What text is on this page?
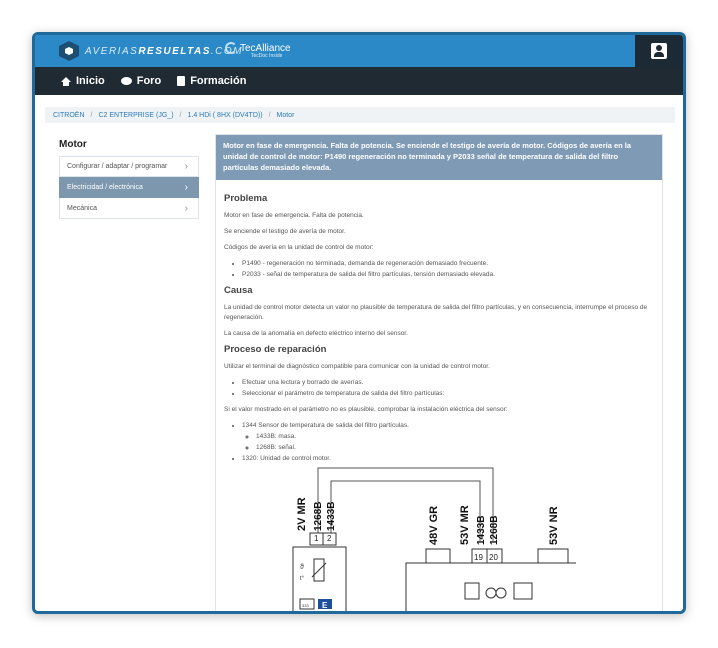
AVERIASRESUELTAS.COM
TecAlliance
TecDoc Inside
Inicio	Foro	Formación
CITROËN / C2 ENTERPRISE (JG_) / 1.4 HDi ( 8HX (DV4TD)) / Motor
Motor
Configurar / adaptar / programar ›
Electricidad / electrónica	›
Mecánica	›
Motor en fase de emergencia. Falta de potencia. Se enciende el testigo de avería de motor. Códigos de avería en la unidad de control de motor: P1490 regeneración no terminada y P2033 señal de temperatura de salida del filtro partículas demasiado elevada.
Problema

Motor en fase de emergencia. Falta de potencia.

Se enciende el testigo de avería de motor.

Códigos de avería en la unidad de control de motor:

• P1490 - regeneración no terminada, demanda de regeneración demasiado frecuente.
• P2033 - señal de temperatura de salida del filtro partículas, tensión demasiado elevada.
Causa

La unidad de control motor detecta un valor no plausible de temperatura de salida del filtro partículas, y en consecuencia, interrumpe el proceso de regeneración.

La causa de la anomalía en defecto eléctrico interno del sensor.

Proceso de reparación

Utilizar el terminal de diagnóstico compatible para comunicar con la unidad de control motor.

• Efectuar una lectura y borrado de averías.
• Seleccionar el parámetro de temperatura de salida del filtro partículas:

Si el valor mostrado en el parámetro no es plausible, comprobar la instalación eléctrica del sensor:

• 1344 Sensor de temperatura de salida del filtro partículas.
◦ 1433B: masa.
◦ 1268B: señal.
• 1320: Unidad de control motor.
ϑ
t°
E
333
1 2
2V MR 1268B 1433B
19 20
48V GR 53V MR 1433B 1268B	53V NR
